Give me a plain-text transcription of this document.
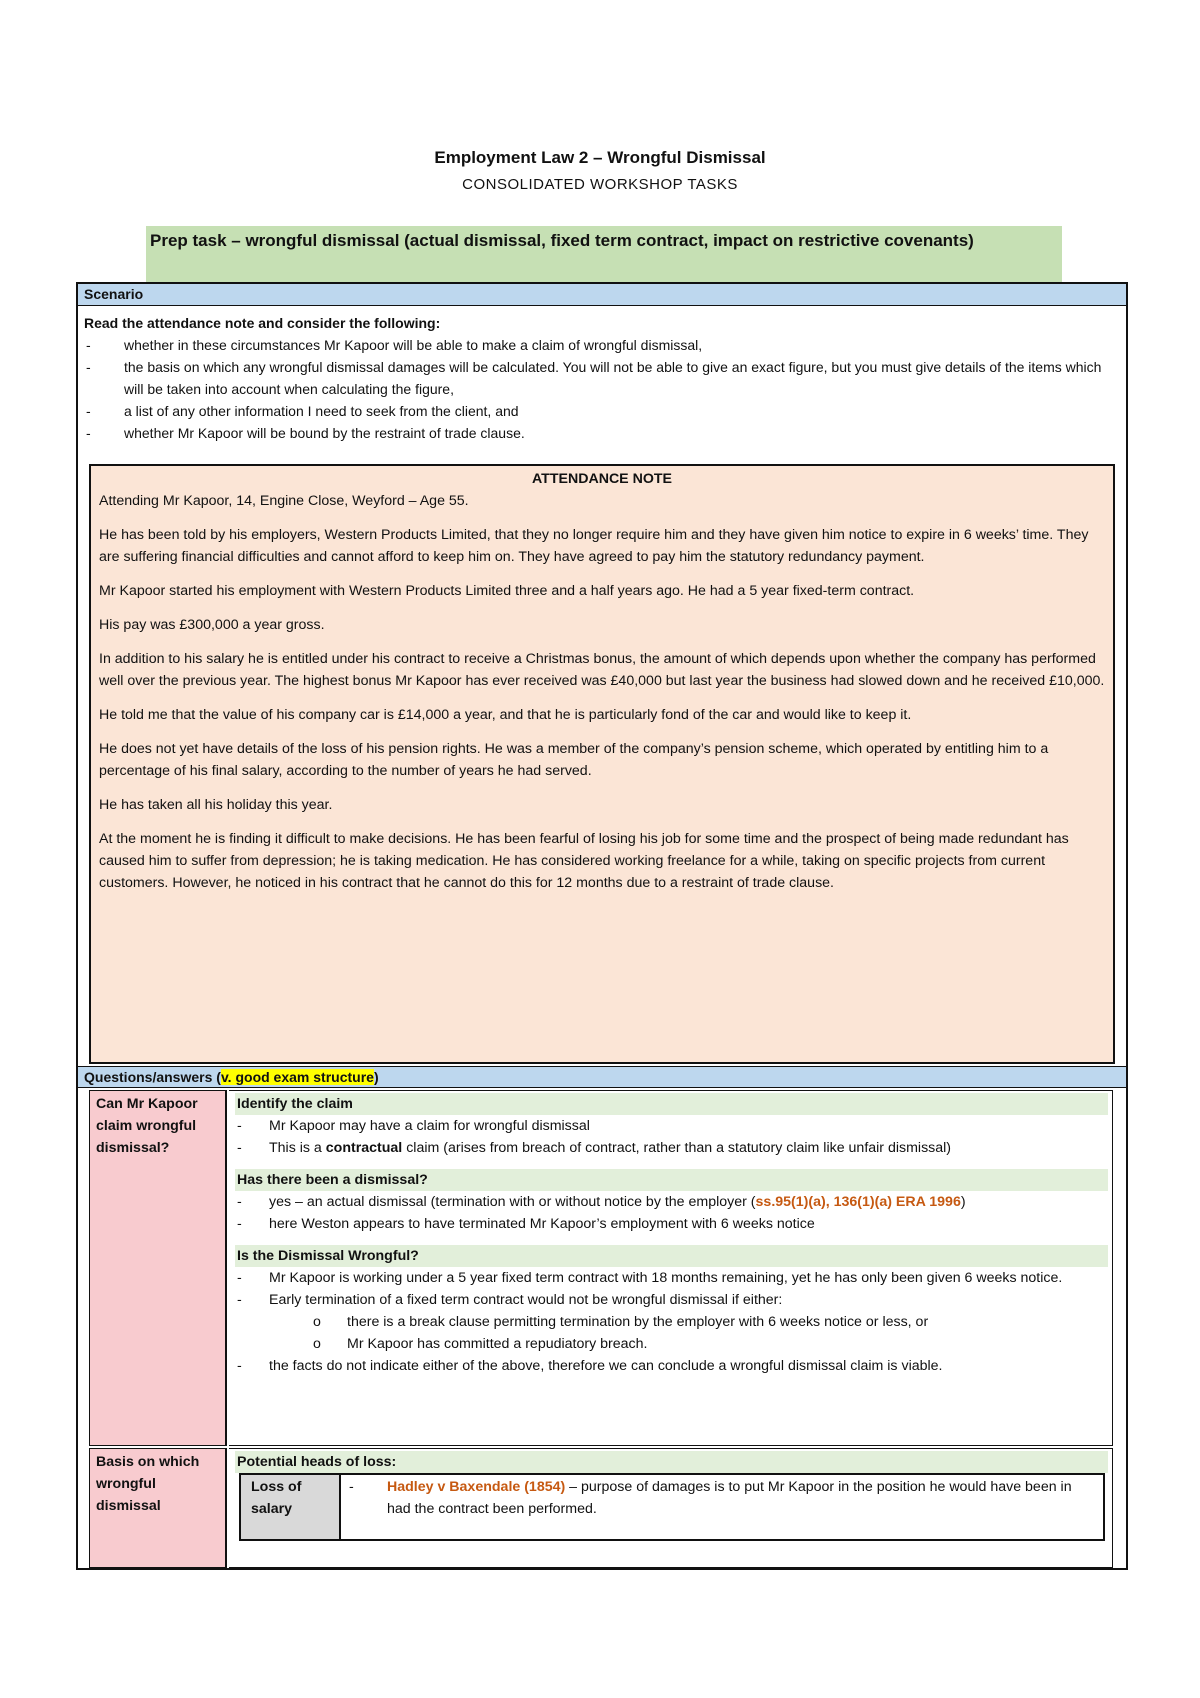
Employment Law 2 – Wrongful Dismissal
CONSOLIDATED WORKSHOP TASKS
Prep task – wrongful dismissal (actual dismissal, fixed term contract, impact on restrictive covenants)
Scenario
Read the attendance note and consider the following:
- whether in these circumstances Mr Kapoor will be able to make a claim of wrongful dismissal,
- the basis on which any wrongful dismissal damages will be calculated. You will not be able to give an exact figure, but you must give details of the items which will be taken into account when calculating the figure,
- a list of any other information I need to seek from the client, and
- whether Mr Kapoor will be bound by the restraint of trade clause.
ATTENDANCE NOTE

Attending Mr Kapoor, 14, Engine Close, Weyford – Age 55.

He has been told by his employers, Western Products Limited, that they no longer require him and they have given him notice to expire in 6 weeks’ time. They are suffering financial difficulties and cannot afford to keep him on. They have agreed to pay him the statutory redundancy payment.

Mr Kapoor started his employment with Western Products Limited three and a half years ago. He had a 5 year fixed-term contract.

His pay was £300,000 a year gross.

In addition to his salary he is entitled under his contract to receive a Christmas bonus, the amount of which depends upon whether the company has performed well over the previous year. The highest bonus Mr Kapoor has ever received was £40,000 but last year the business had slowed down and he received £10,000.

He told me that the value of his company car is £14,000 a year, and that he is particularly fond of the car and would like to keep it.

He does not yet have details of the loss of his pension rights. He was a member of the company’s pension scheme, which operated by entitling him to a percentage of his final salary, according to the number of years he had served.

He has taken all his holiday this year.

At the moment he is finding it difficult to make decisions. He has been fearful of losing his job for some time and the prospect of being made redundant has caused him to suffer from depression; he is taking medication. He has considered working freelance for a while, taking on specific projects from current customers. However, he noticed in his contract that he cannot do this for 12 months due to a restraint of trade clause.

Questions/answers (v. good exam structure)
Can Mr Kapoor claim wrongful dismissal?
Identify the claim
- Mr Kapoor may have a claim for wrongful dismissal
- This is a contractual claim (arises from breach of contract, rather than a statutory claim like unfair dismissal)
Has there been a dismissal?
- yes – an actual dismissal (termination with or without notice by the employer (ss.95(1)(a), 136(1)(a) ERA 1996)
- here Weston appears to have terminated Mr Kapoor’s employment with 6 weeks notice
Is the Dismissal Wrongful?
- Mr Kapoor is working under a 5 year fixed term contract with 18 months remaining, yet he has only been given 6 weeks notice.
- Early termination of a fixed term contract would not be wrongful dismissal if either:
o there is a break clause permitting termination by the employer with 6 weeks notice or less, or
o Mr Kapoor has committed a repudiatory breach.
- the facts do not indicate either of the above, therefore we can conclude a wrongful dismissal claim is viable.
Basis on which wrongful dismissal
Potential heads of loss:
Loss of salary
- Hadley v Baxendale (1854) – purpose of damages is to put Mr Kapoor in the position he would have been in had the contract been performed.
